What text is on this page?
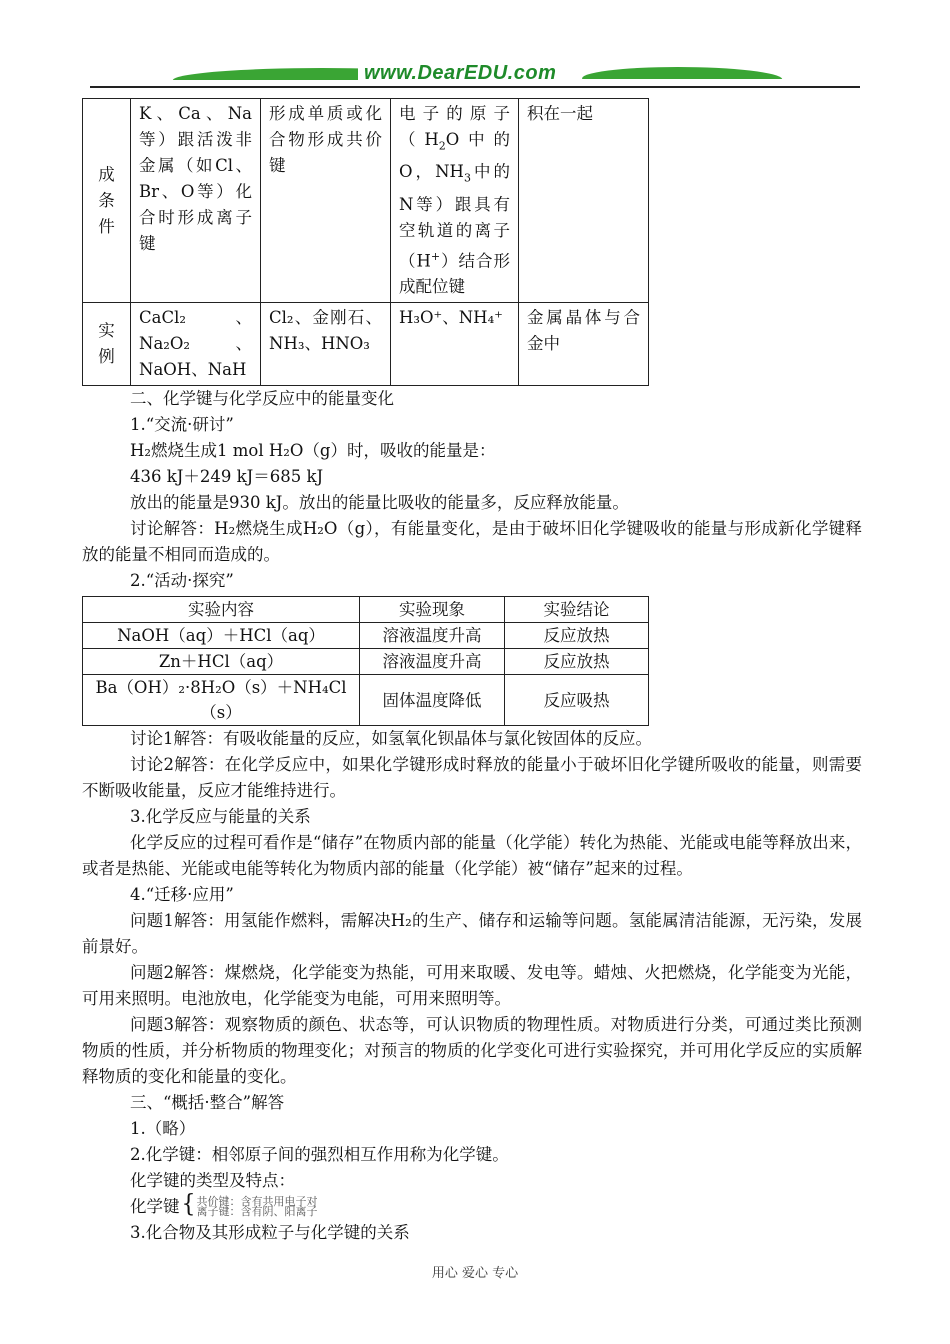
www.DearEDU.com
成条件	K、Ca、Na等）跟活泼非金属（如Cl、Br、O等）化合时形成离子键	形成单质或化合物形成共价键	电子的原子（$H_2O$中的O，$NH_3$中的N等）跟具有空轨道的离子（H+）结合形成配位键	积在一起
实例	CaCl₂、Na₂O₂、NaOH、NaH	Cl₂、金刚石、NH₃、HNO₃	H₃O⁺、NH₄⁺	金属晶体与合金中

二、化学键与化学反应中的能量变化

1.“交流·研讨”

H₂燃烧生成1 mol H₂O（g）时，吸收的能量是：

436 kJ＋249 kJ＝685 kJ

放出的能量是930 kJ。放出的能量比吸收的能量多，反应释放能量。

讨论解答：H₂燃烧生成H₂O（g），有能量变化，是由于破坏旧化学键吸收的能量与形成新化学键释放的能量不相同而造成的。

2.“活动·探究”

实验内容	实验现象	实验结论
NaOH（aq）＋HCl（aq）	溶液温度升高	反应放热
Zn＋HCl（aq）	溶液温度升高	反应放热
Ba（OH）₂·8H₂O（s）＋NH₄Cl（s）	固体温度降低	反应吸热

讨论1解答：有吸收能量的反应，如氢氧化钡晶体与氯化铵固体的反应。

讨论2解答：在化学反应中，如果化学键形成时释放的能量小于破坏旧化学键所吸收的能量，则需要不断吸收能量，反应才能维持进行。

3.化学反应与能量的关系

化学反应的过程可看作是“储存”在物质内部的能量（化学能）转化为热能、光能或电能等释放出来，或者是热能、光能或电能等转化为物质内部的能量（化学能）被“储存”起来的过程。

4.“迁移·应用”

问题1解答：用氢能作燃料，需解决H₂的生产、储存和运输等问题。氢能属清洁能源，无污染，发展前景好。

问题2解答：煤燃烧，化学能变为热能，可用来取暖、发电等。蜡烛、火把燃烧，化学能变为光能，可用来照明。电池放电，化学能变为电能，可用来照明等。

问题3解答：观察物质的颜色、状态等，可认识物质的物理性质。对物质进行分类，可通过类比预测物质的性质，并分析物质的物理变化；对预言的物质的化学变化可进行实验探究，并可用化学反应的实质解释物质的变化和能量的变化。

三、“概括·整合”解答

1.（略）

2.化学键：相邻原子间的强烈相互作用称为化学键。

化学键的类型及特点：

化学键{ 共价键：含有共用电子对
离子键：含有阴、阳离子

3.化合物及其形成粒子与化学键的关系

用心 爱心 专心
